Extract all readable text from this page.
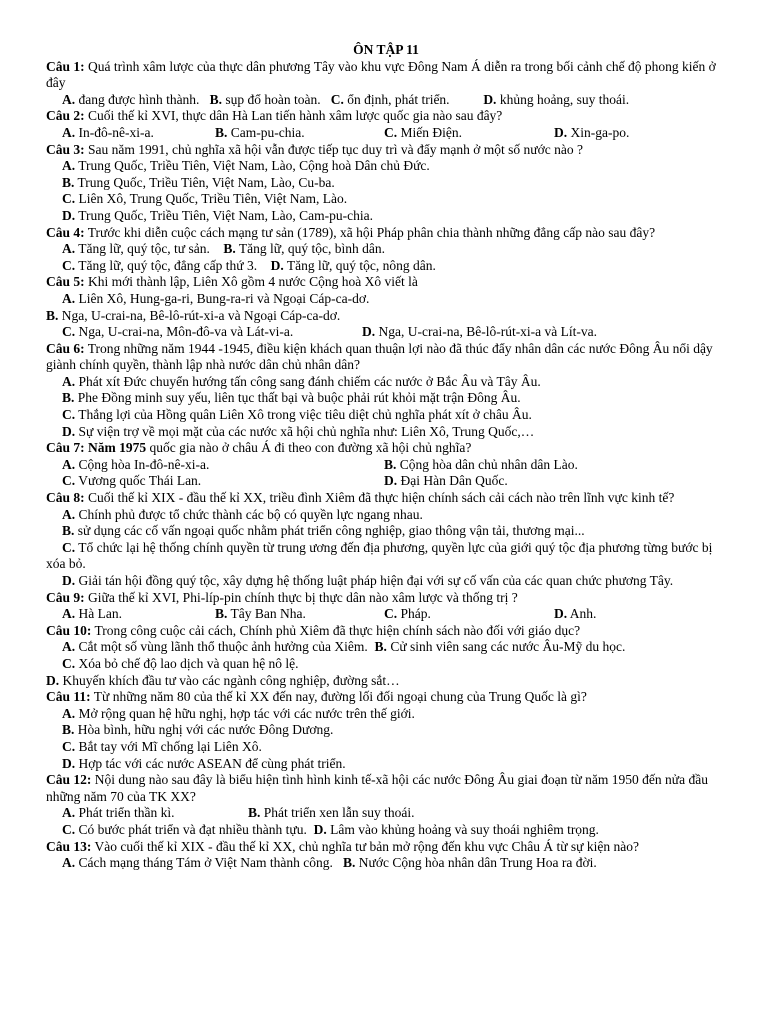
ÔN TẬP 11
Câu 1: Quá trình xâm lược của thực dân phương Tây vào khu vực Đông Nam Á diễn ra trong bối cảnh chế độ phong kiến ở đây
A. đang được hình thành. B. sụp đổ hoàn toàn. C. ổn định, phát triển.	D. khủng hoảng, suy thoái.
Câu 2: Cuối thế kỉ XVI, thực dân Hà Lan tiến hành xâm lược quốc gia nào sau đây?
A. In-đô-nê-xi-a.	B. Cam-pu-chia.	C. Miến Điện.	D. Xin-ga-po.
Câu 3: Sau năm 1991, chủ nghĩa xã hội vẫn được tiếp tục duy trì và đẩy mạnh ở một số nước nào ?
A. Trung Quốc, Triều Tiên, Việt Nam, Lào, Cộng hoà Dân chủ Đức.
B. Trung Quốc, Triều Tiên, Việt Nam, Lào, Cu-ba.
C. Liên Xô, Trung Quốc, Triều Tiên, Việt Nam, Lào.
D. Trung Quốc, Triều Tiên, Việt Nam, Lào, Cam-pu-chia.
Câu 4: Trước khi diễn cuộc cách mạng tư sản (1789), xã hội Pháp phân chia thành những đẳng cấp nào sau đây?
A. Tăng lữ, quý tộc, tư sản. B. Tăng lữ, quý tộc, bình dân.
C. Tăng lữ, quý tộc, đẳng cấp thứ 3. D. Tăng lữ, quý tộc, nông dân.
Câu 5: Khi mới thành lập, Liên Xô gồm 4 nước Cộng hoà Xô viết là
A. Liên Xô, Hung-ga-ri, Bung-ra-ri và Ngoại Cáp-ca-dơ.
B. Nga, U-crai-na, Bê-lô-rút-xi-a và Ngoại Cáp-ca-dơ.
C. Nga, U-crai-na, Môn-đô-va và Lát-vi-a.	D. Nga, U-crai-na, Bê-lô-rút-xi-a và Lít-va.
Câu 6: Trong những năm 1944 -1945, điều kiện khách quan thuận lợi nào đã thúc đẩy nhân dân các nước Đông Âu nổi dậy giành chính quyền, thành lập nhà nước dân chủ nhân dân?
A. Phát xít Đức chuyển hướng tấn công sang đánh chiếm các nước ở Bắc Âu và Tây Âu.
B. Phe Đồng minh suy yếu, liên tục thất bại và buộc phải rút khỏi mặt trận Đông Âu.
C. Thắng lợi của Hồng quân Liên Xô trong việc tiêu diệt chủ nghĩa phát xít ở châu Âu.
D. Sự viện trợ về mọi mặt của các nước xã hội chủ nghĩa như: Liên Xô, Trung Quốc,…
Câu 7: Năm 1975 quốc gia nào ở châu Á đi theo con đường xã hội chủ nghĩa?
A. Cộng hòa In-đô-nê-xi-a.	B. Cộng hòa dân chủ nhân dân Lào.
C. Vương quốc Thái Lan.	D. Đại Hàn Dân Quốc.
Câu 8: Cuối thế kỉ XIX - đầu thế kỉ XX, triều đình Xiêm đã thực hiện chính sách cải cách nào trên lĩnh vực kinh tế?
A. Chính phủ được tổ chức thành các bộ có quyền lực ngang nhau.
B. sử dụng các cố vấn ngoại quốc nhằm phát triển công nghiệp, giao thông vận tải, thương mại...
C. Tổ chức lại hệ thống chính quyền từ trung ương đến địa phương, quyền lực của giới quý tộc địa phương từng bước bị xóa bỏ.
D. Giải tán hội đồng quý tộc, xây dựng hệ thống luật pháp hiện đại với sự cố vấn của các quan chức phương Tây.
Câu 9: Giữa thế kỉ XVI, Phi-líp-pin chính thực bị thực dân nào xâm lược và thống trị ?
A. Hà Lan.	B. Tây Ban Nha.	C. Pháp.	D. Anh.
Câu 10: Trong công cuộc cải cách, Chính phủ Xiêm đã thực hiện chính sách nào đối với giáo dục?
A. Cắt một số vùng lãnh thổ thuộc ảnh hưởng của Xiêm. B. Cử sinh viên sang các nước Âu-Mỹ du học.
C. Xóa bỏ chế độ lao dịch và quan hệ nô lệ.
D. Khuyến khích đầu tư vào các ngành công nghiệp, đường sắt…
Câu 11: Từ những năm 80 của thế kỉ XX đến nay, đường lối đối ngoại chung của Trung Quốc là gì?
A. Mở rộng quan hệ hữu nghị, hợp tác với các nước trên thế giới.
B. Hòa bình, hữu nghị với các nước Đông Dương.
C. Bắt tay với Mĩ chống lại Liên Xô.
D. Hợp tác với các nước ASEAN để cùng phát triển.
Câu 12: Nội dung nào sau đây là biểu hiện tình hình kinh tế-xã hội các nước Đông Âu giai đoạn từ năm 1950 đến nửa đầu những năm 70 của TK XX?
A. Phát triển thần kì.	B. Phát triển xen lẫn suy thoái.
C. Có bước phát triển và đạt nhiều thành tựu. D. Lâm vào khủng hoảng và suy thoái nghiêm trọng.
Câu 13: Vào cuối thế kỉ XIX - đầu thế kỉ XX, chủ nghĩa tư bản mở rộng đến khu vực Châu Á từ sự kiện nào?
A. Cách mạng tháng Tám ở Việt Nam thành công. B. Nước Cộng hòa nhân dân Trung Hoa ra đời.
